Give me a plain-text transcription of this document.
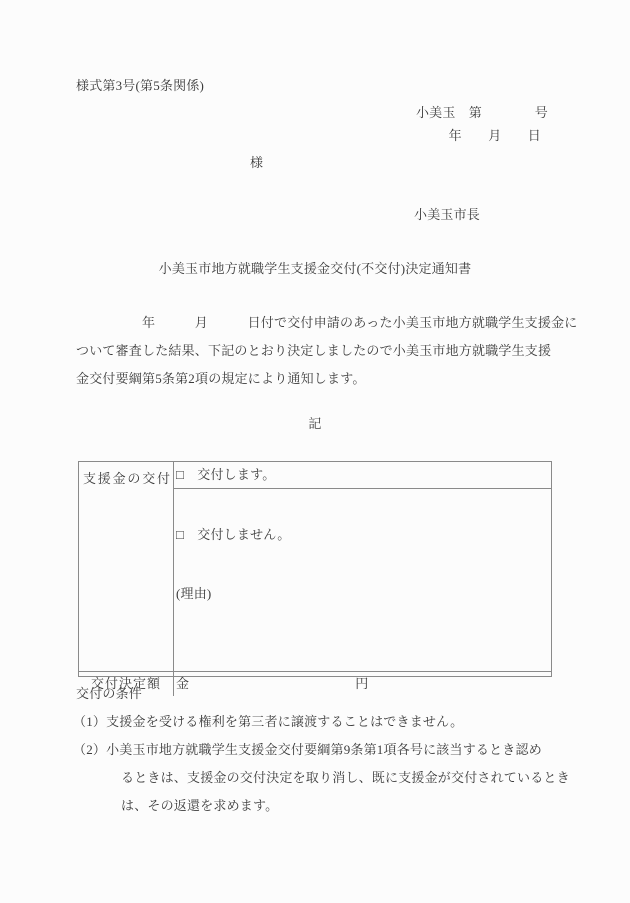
様式第3号(第5条関係)
小美玉　第　　　　号
年　　月　　日
様
小美玉市長
小美玉市地方就職学生支援金交付(不交付)決定通知書
　　　　　年　　　月　　　日付で交付申請のあった小美玉市地方就職学生支援金に
ついて審査した結果、下記のとおり決定しましたので小美玉市地方就職学生支援
金交付要綱第5条第2項の規定により通知します。
記
支援金の交付 □　 交付します。

□　 交付しません。

(理由)

交付決定額	金	円
交付の条件
（1）支援金を受ける権利を第三者に譲渡することはできません。
（2）小美玉市地方就職学生支援金交付要綱第9条第1項各号に該当するとき認め
るときは、支援金の交付決定を取り消し、既に支援金が交付されているとき
は、その返還を求めます。
